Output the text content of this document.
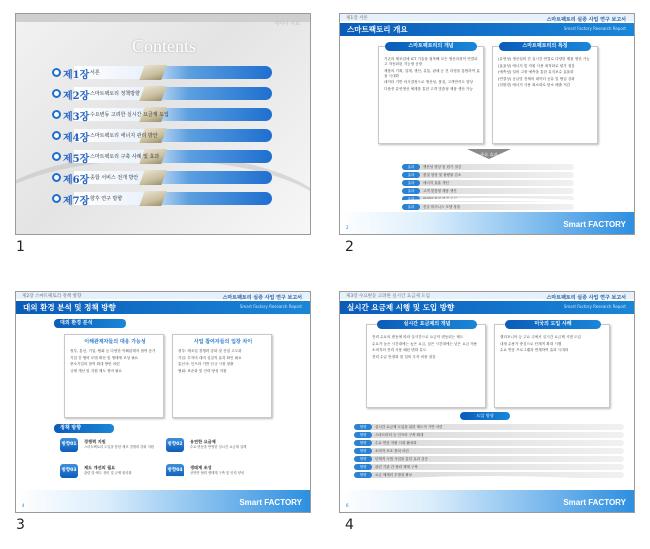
세미나 자료
Contents
제1장 서론
제2장 스마트팩토리 정책방향
제3장 수요변동 고려한 실시간 요금제 도입
제4장 스마트팩토리 에너지 관리 방안
제5장 스마트팩토리 구축 사례 및 효과
제6장 종합 서비스 전개 방안
제7장 향후 연구 방향
1
제1장 서론	스마트팩토리 실증 사업 연구 보고서
스마트팩토리 개요	Smart Factory Research Report
스마트팩토리의 개념
기존의 제조업에 ICT 기술을 접목해 모든 생산과정이 연결되고 자동화된 지능형 공장
제품의 기획, 설계, 생산, 유통, 판매 등 전 과정을 통합하여 효율 극대화
데이터 기반 의사결정으로 생산성, 품질, 고객만족도 향상
다품종 유연생산 체계를 통한 고객 맞춤형 제품 생산 가능
스마트팩토리의 특징
(유연성) 생산설비 간 실시간 연결로 다양한 제품 생산 가능
(효율성) 에너지 및 자원 사용 최적화로 원가 절감
(예측성) 설비 고장 예측을 통한 유지보수 효율화
(연결성) 공급망 전체의 데이터 공유 및 협업 강화
(친환경) 에너지 사용 최소화로 탄소 배출 저감
주요 효과
효과	생산성 향상 및 원가 절감
효과	품질 향상 및 불량률 감소
효과	에너지 효율 개선
효과	고객 맞춤형 제품 생산
효과	안전한 작업 환경 조성
효과	신규 비즈니스 모델 창출
2	Smart FACTORY
2
제2장 스마트팩토리 정책 방향	스마트팩토리 실증 사업 연구 보고서
대외 환경 분석 및 정책 방향	Smart Factory Research Report
대외 환경 분석
이해관계자들의 대응 가능성
정부, 통신, 기업, 협회 등 다양한 이해관계자 참여 증가
기업 간 협력 모델 확산 및 생태계 조성 필요
중소기업의 참여 확대 방안 마련
규제 개선 및 지원 제도 정비 필요
사업 참여자들의 입장 차이
정부: 제조업 경쟁력 강화 및 산업 고도화
기업: 투자비 대비 실질적 효과 확인 필요
통신사: 인프라 기반 신규 시장 창출
협회: 표준화 및 인력 양성 지원
정책 방향
방향01
경쟁력 지원
스마트팩토리 도입을 통한 제조 경쟁력 강화 지원	방향02
유연한 요금제
수요 변동을 반영한 실시간 요금제 설계
방향03
제도 개선의 필요
관련 법·제도 정비 및 규제 합리화	방향04
생태계 조성
산학연 협력 생태계 구축 및 인력 양성
4	Smart FACTORY
3
제3장 수요변동 고려한 실시간 요금제 도입	스마트팩토리 실증 사업 연구 보고서
실시간 요금제 시행 및 도입 방향	Smart Factory Research Report
실시간 요금제의 개념
전력 수요의 변동에 따라 실시간으로 요금이 변동되는 제도
수요가 높은 시간대에는 높은 요금, 낮은 시간대에는 낮은 요금 적용
소비자의 전력 사용 패턴 변화 유도
전력 수급 안정화 및 설비 투자 비용 절감
미국의 도입 사례
캘리포니아 등 주요 주에서 실시간 요금제 시범 도입
대형 수용가 중심으로 단계적 확대 시행
수요 반응 프로그램과 연계하여 효과 극대화
도입 방향
방향	실시간 요금제 도입을 위한 제도적 기반 마련
방향	스마트미터 등 인프라 구축 확대
방향	수요 반응 자원 시장 활성화
방향	소비자 보호 장치 마련
방향	단계적 시범 사업을 통한 효과 검증
방향	관련 기관 간 협력 체계 구축
방향	요금 체계의 투명성 확보
6	Smart FACTORY
4
